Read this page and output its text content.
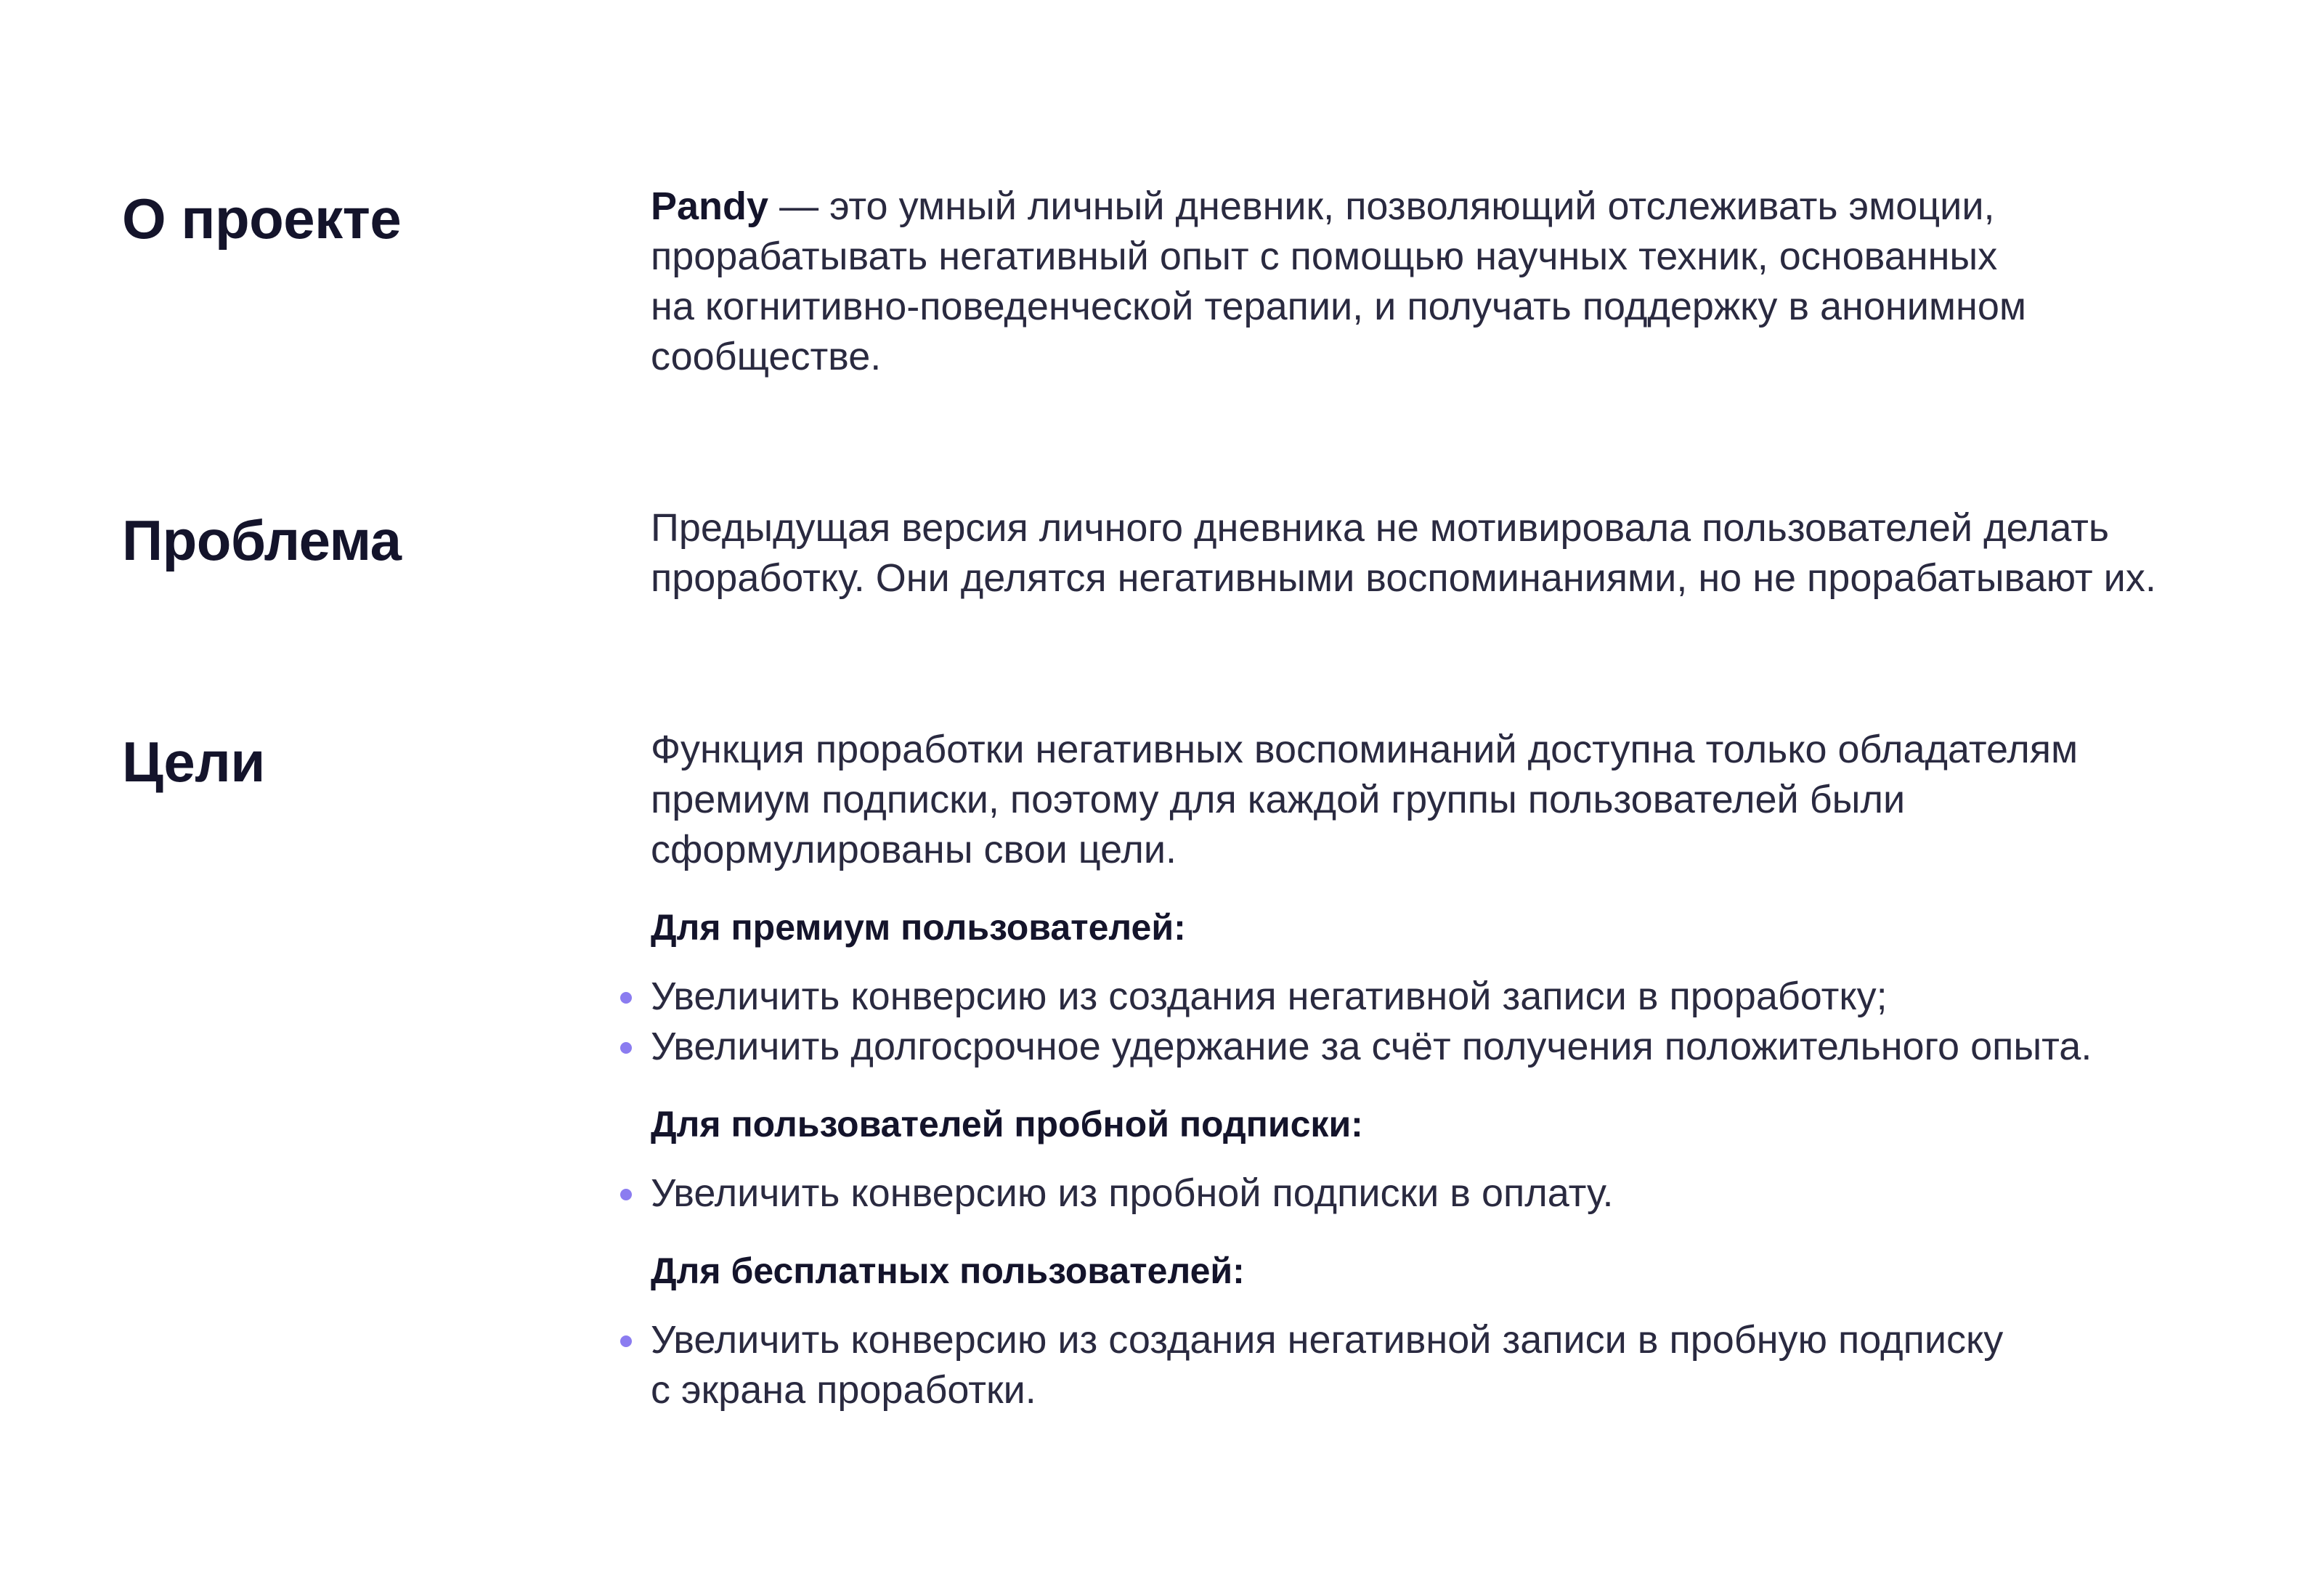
О проекте	Pandy — это умный личный дневник, позволяющий отслеживать эмоции,

прорабатывать негативный опыт с помощью научных техник, основанных

на когнитивно-поведенческой терапии, и получать поддержку в анонимном

сообществе.

Проблема	Предыдущая версия личного дневника не мотивировала пользователей делать

проработку. Они делятся негативными воспоминаниями, но не прорабатывают их.

Цели	Функция проработки негативных воспоминаний доступна только обладателям

премиум подписки, поэтому для каждой группы пользователей были

сформулированы свои цели.

Для премиум пользователей:

Увеличить конверсию из создания негативной записи в проработку;
Увеличить долгосрочное удержание за счёт получения положительного опыта.

Для пользователей пробной подписки:

Увеличить конверсию из пробной подписки в оплату.

Для бесплатных пользователей:

Увеличить конверсию из создания негативной записи в пробную подписку
с экрана проработки.
